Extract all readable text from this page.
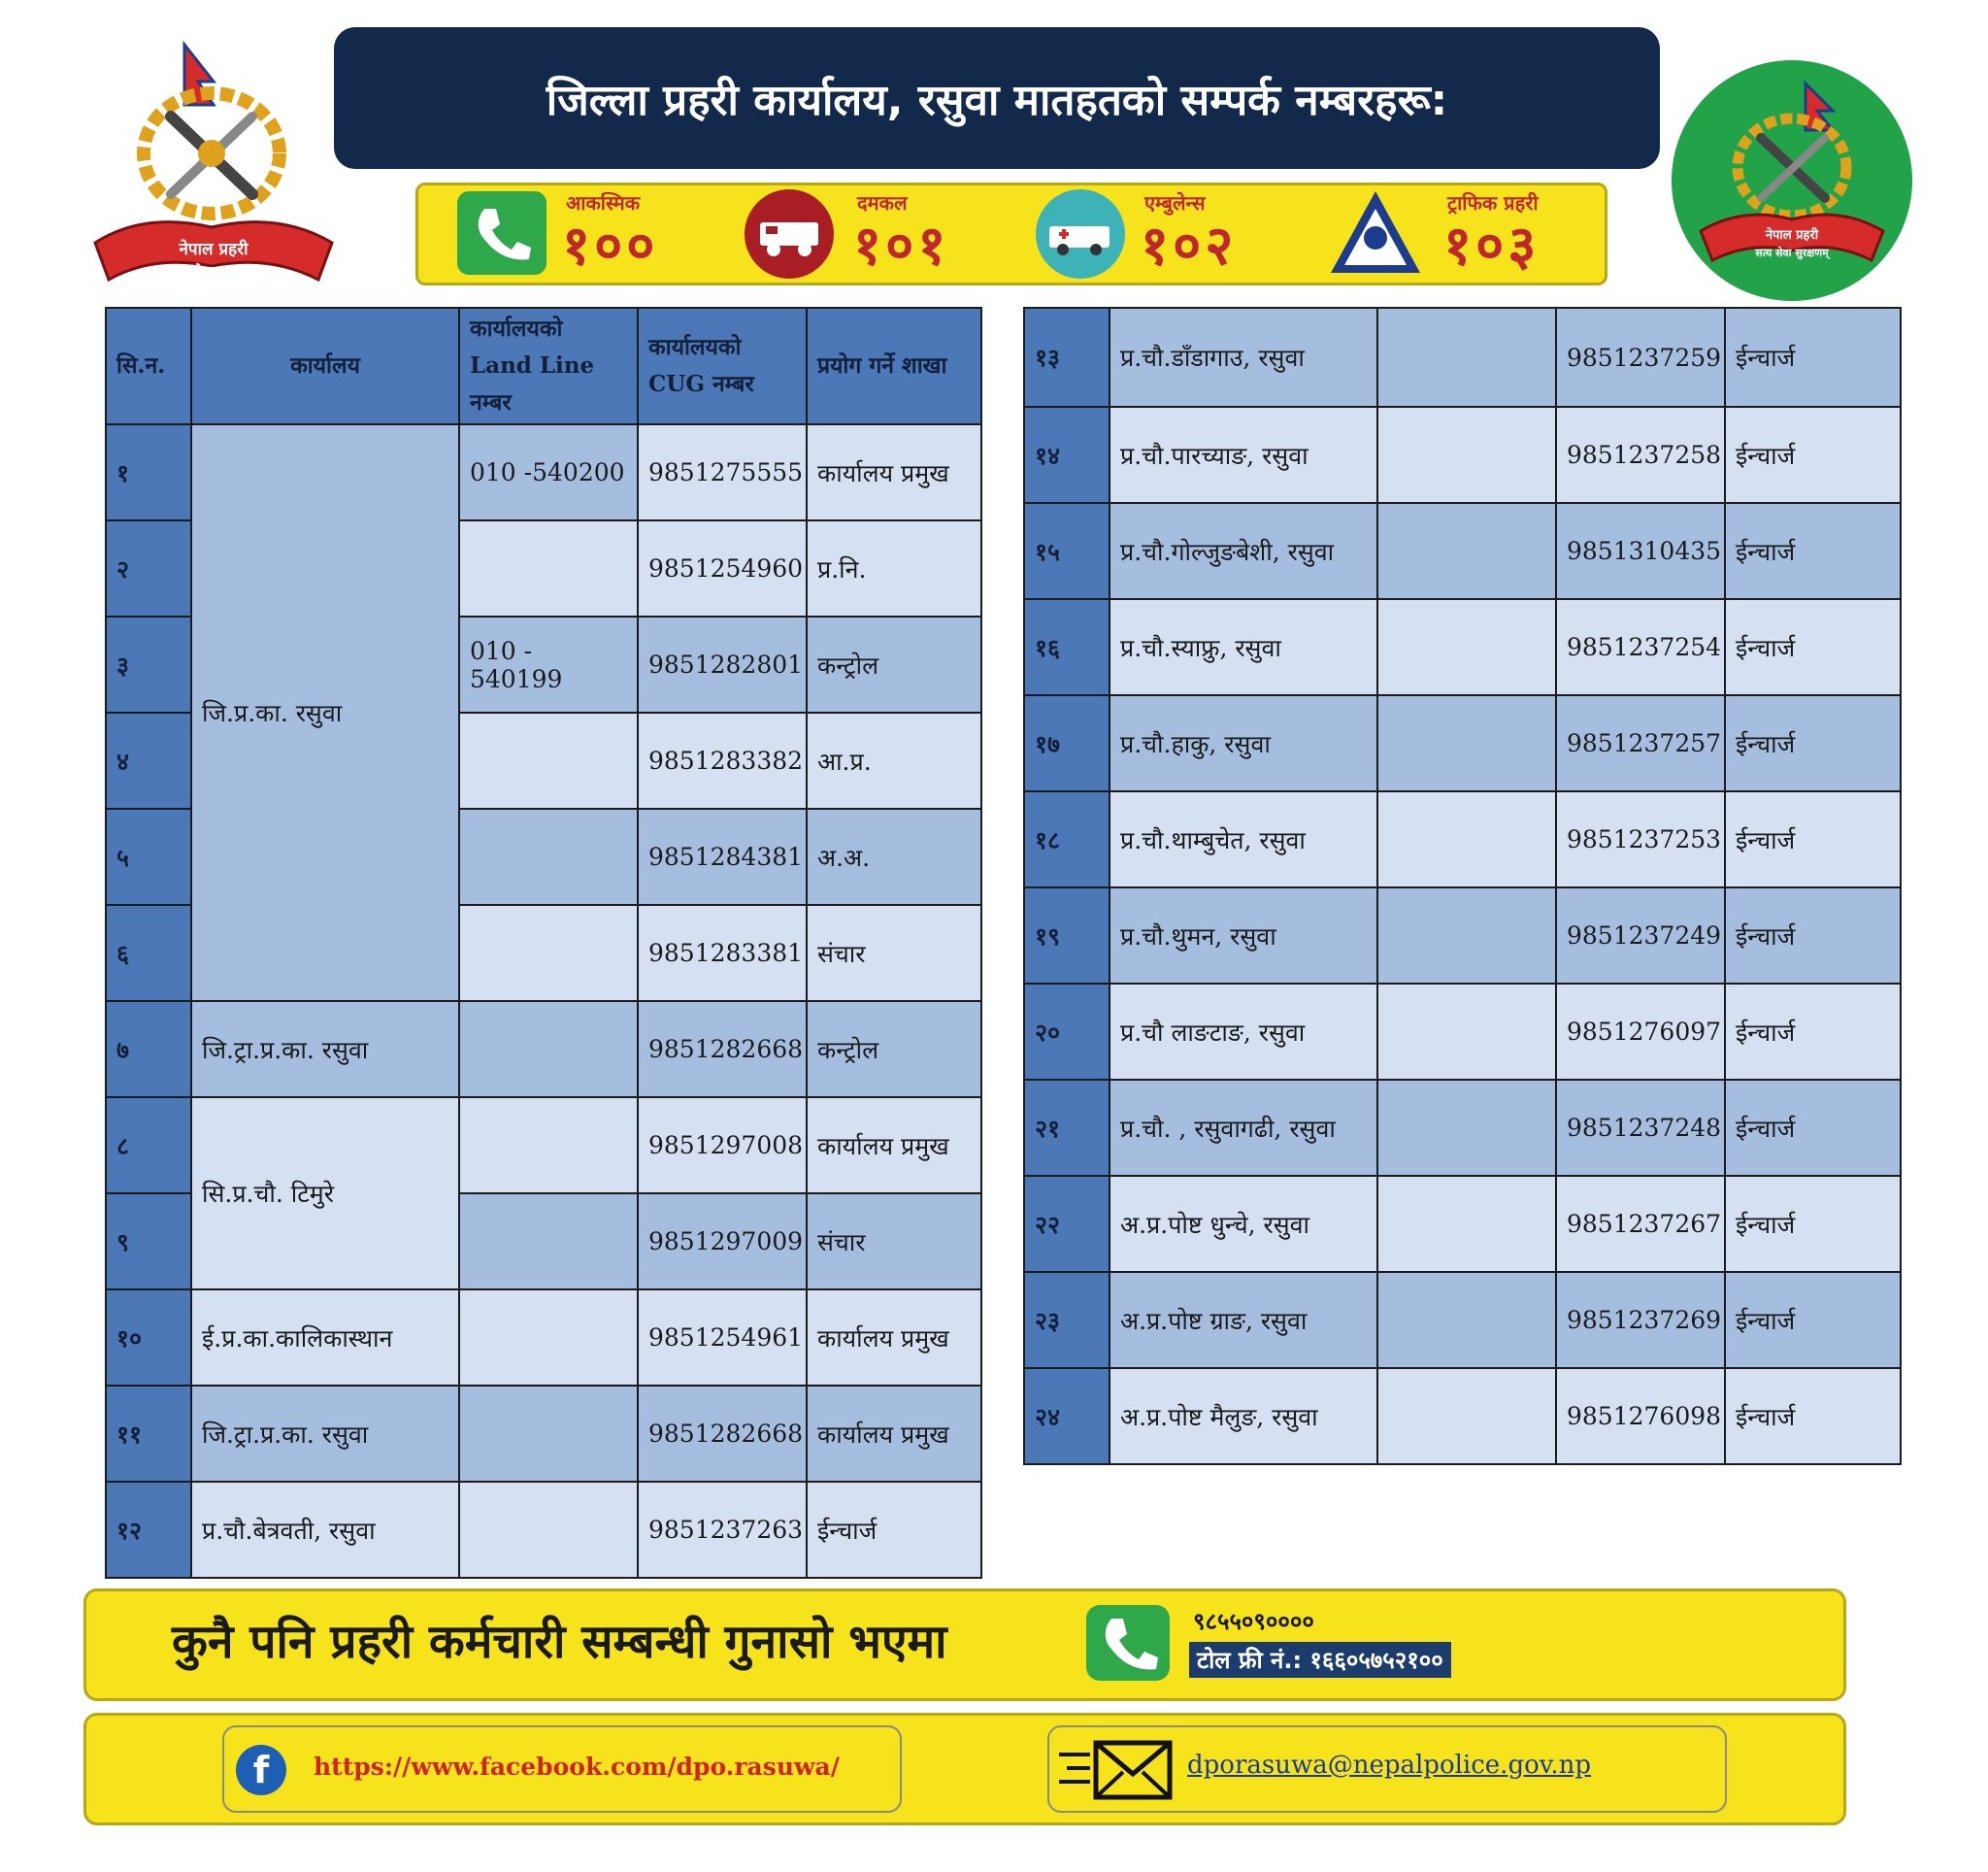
नेपाल प्रहरी
सत्य सेवा सुरक्षणम्
जिल्ला प्रहरी कार्यालय, रसुवा मातहतको सम्पर्क नम्बरहरू:
नेपाल प्रहरी
सत्य सेवा सुरक्षणम्
आकस्मिक
१००
दमकल
१०१
एम्बुलेन्स
१०२
ट्राफिक प्रहरी
१०३
सि.न.	कार्यालय	कार्यालयको Land Line नम्बर	कार्यालयको CUG नम्बर	प्रयोग गर्ने शाखा
१	जि.प्र.का. रसुवा	010 -540200	9851275555	कार्यालय प्रमुख
२			9851254960	प्र.नि.
३		010 - 540199	9851282801	कन्ट्रोल
४			9851283382	आ.प्र.
५			9851284381	अ.अ.
६			9851283381	संचार
७	जि.ट्रा.प्र.का. रसुवा		9851282668	कन्ट्रोल
८	सि.प्र.चौ. टिमुरे		9851297008	कार्यालय प्रमुख
९			9851297009	संचार
१०	ई.प्र.का.कालिकास्थान		9851254961	कार्यालय प्रमुख
११	जि.ट्रा.प्र.का. रसुवा		9851282668	कार्यालय प्रमुख
१२	प्र.चौ.बेत्रवती, रसुवा		9851237263	ईन्चार्ज
१३	प्र.चौ.डाँडागाउ, रसुवा		9851237259	ईन्चार्ज
१४	प्र.चौ.पारच्याङ, रसुवा		9851237258	ईन्चार्ज
१५	प्र.चौ.गोल्जुङबेशी, रसुवा		9851310435	ईन्चार्ज
१६	प्र.चौ.स्याफ्रु, रसुवा		9851237254	ईन्चार्ज
१७	प्र.चौ.हाकु, रसुवा		9851237257	ईन्चार्ज
१८	प्र.चौ.थाम्बुचेत, रसुवा		9851237253	ईन्चार्ज
१९	प्र.चौ.थुमन, रसुवा		9851237249	ईन्चार्ज
२०	प्र.चौ लाङटाङ, रसुवा		9851276097	ईन्चार्ज
२१	प्र.चौ. , रसुवागढी, रसुवा		9851237248	ईन्चार्ज
२२	अ.प्र.पोष्ट धुन्चे, रसुवा		9851237267	ईन्चार्ज
२३	अ.प्र.पोष्ट ग्राङ, रसुवा		9851237269	ईन्चार्ज
२४	अ.प्र.पोष्ट मैलुङ, रसुवा		9851276098	ईन्चार्ज
कुनै पनि प्रहरी कर्मचारी सम्बन्धी गुनासो भएमा	९८५५०९००००
टोल फ्री नं.: १६६०५७५२१००
f https://www.facebook.com/dpo.rasuwa/	dporasuwa@nepalpolice.gov.np
